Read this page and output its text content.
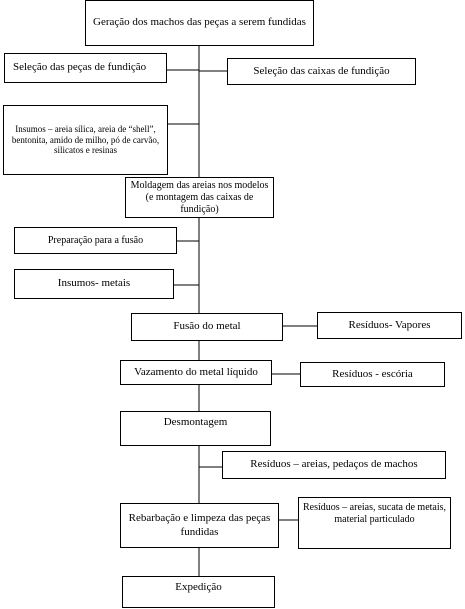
Geração dos machos das peças a serem fundidas
Seleção das peças de fundição	Seleção das caixas de fundição
Insumos – areia sílica, areia de “shell”, bentonita, amido de milho, pó de carvão, silicatos e resinas
Moldagem das areias nos modelos (e montagem das caixas de fundição)
Preparação para a fusão
Insumos- metais
Fusão do metal	Resíduos- Vapores
Vazamento do metal líquido	Resíduos - escória
Desmontagem
Resíduos – areias, pedaços de machos
Rebarbação e limpeza das peças fundidas
Resíduos – areias, sucata de metais, material particulado
Expedição
